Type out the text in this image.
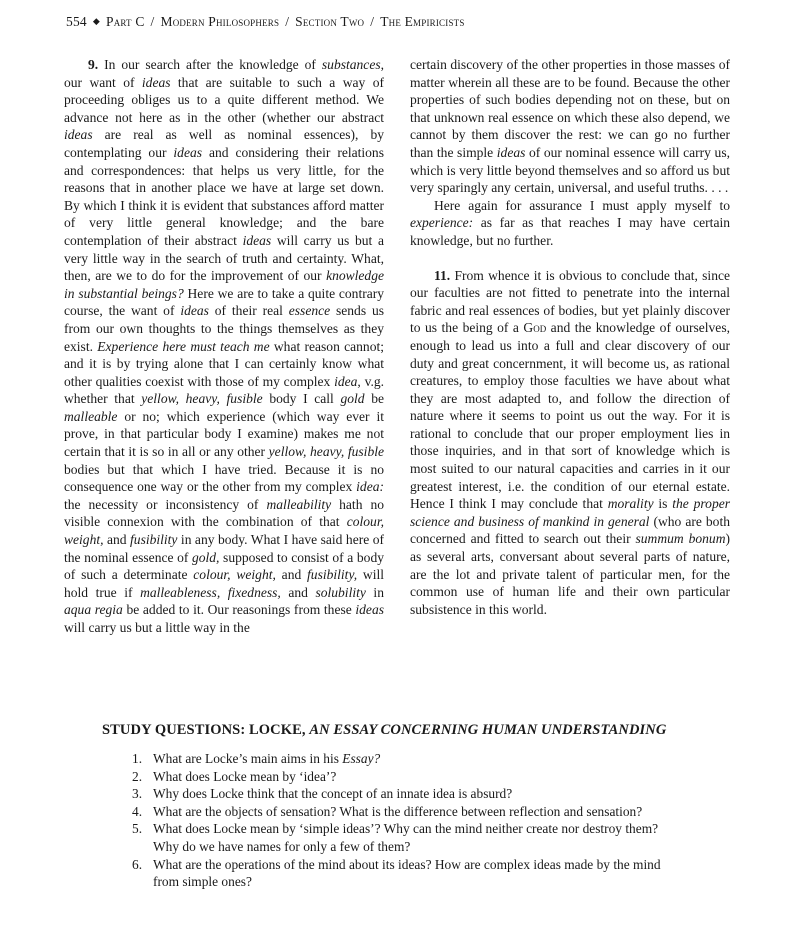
554 ◆ Part C / Modern Philosophers / Section Two / The Empiricists

9. In our search after the knowledge of substances, our want of ideas that are suitable to such a way of proceeding obliges us to a quite different method. We advance not here as in the other (whether our abstract ideas are real as well as nominal essences), by contemplating our ideas and considering their relations and correspondences: that helps us very little, for the reasons that in another place we have at large set down. By which I think it is evident that substances afford matter of very little general knowledge; and the bare contemplation of their abstract ideas will carry us but a very little way in the search of truth and certainty. What, then, are we to do for the improvement of our knowledge in substantial beings? Here we are to take a quite contrary course, the want of ideas of their real essence sends us from our own thoughts to the things themselves as they exist. Experience here must teach me what reason cannot; and it is by trying alone that I can certainly know what other qualities coexist with those of my complex idea, v.g. whether that yellow, heavy, fusible body I call gold be malleable or no; which experience (which way ever it prove, in that particular body I examine) makes me not certain that it is so in all or any other yellow, heavy, fusible bodies but that which I have tried. Because it is no consequence one way or the other from my complex idea: the necessity or inconsistency of malleability hath no visible connexion with the combination of that colour, weight, and fusibility in any body. What I have said here of the nominal essence of gold, supposed to consist of a body of such a determinate colour, weight, and fusibility, will hold true if malleableness, fixedness, and solubility in aqua regia be added to it. Our reasonings from these ideas will carry us but a little way in the

certain discovery of the other properties in those masses of matter wherein all these are to be found. Because the other properties of such bodies depending not on these, but on that unknown real essence on which these also depend, we cannot by them discover the rest: we can go no further than the simple ideas of our nominal essence will carry us, which is very little beyond themselves and so afford us but very sparingly any certain, universal, and useful truths. . . .

Here again for assurance I must apply myself to experience: as far as that reaches I may have certain knowledge, but no further.

11. From whence it is obvious to conclude that, since our faculties are not fitted to penetrate into the internal fabric and real essences of bodies, but yet plainly discover to us the being of a God and the knowledge of ourselves, enough to lead us into a full and clear discovery of our duty and great concernment, it will become us, as rational creatures, to employ those faculties we have about what they are most adapted to, and follow the direction of nature where it seems to point us out the way. For it is rational to conclude that our proper employment lies in those inquiries, and in that sort of knowledge which is most suited to our natural capacities and carries in it our greatest interest, i.e. the condition of our eternal estate. Hence I think I may conclude that morality is the proper science and business of mankind in general (who are both concerned and fitted to search out their summum bonum) as several arts, conversant about several parts of nature, are the lot and private talent of particular men, for the common use of human life and their own particular subsistence in this world.

STUDY QUESTIONS: LOCKE, AN ESSAY CONCERNING HUMAN UNDERSTANDING
1. What are Locke’s main aims in his Essay?
2. What does Locke mean by ‘idea’?
3. Why does Locke think that the concept of an innate idea is absurd?
4. What are the objects of sensation? What is the difference between reflection and sensation?
5. What does Locke mean by ‘simple ideas’? Why can the mind neither create nor destroy them? Why do we have names for only a few of them?
6. What are the operations of the mind about its ideas? How are complex ideas made by the mind from simple ones?
